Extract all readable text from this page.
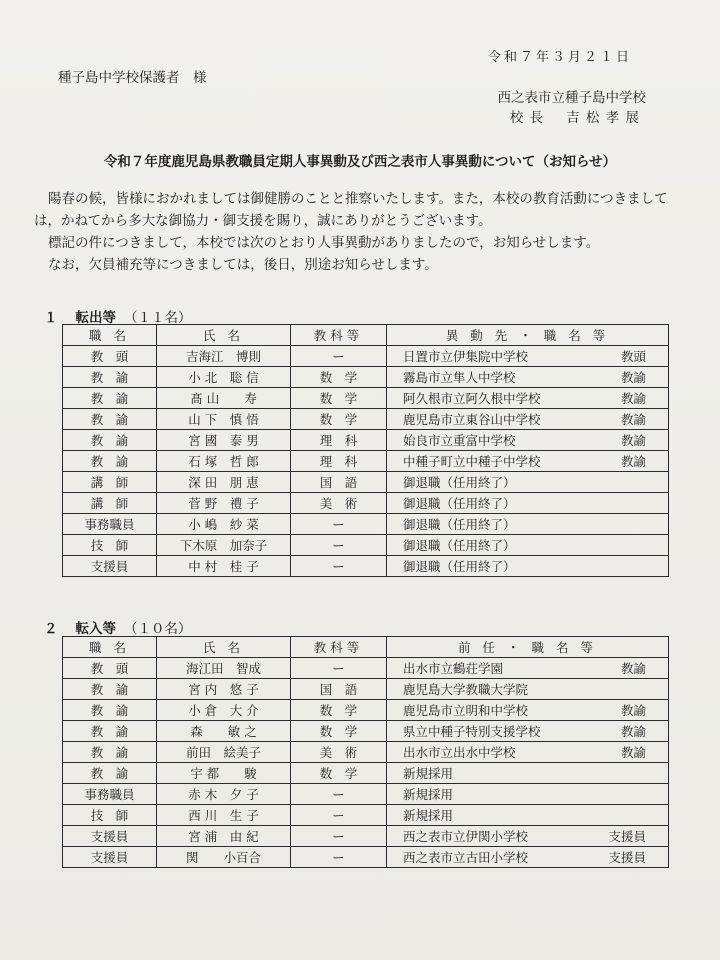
令和７年３月２１日
種子島中学校保護者　様
西之表市立種子島中学校
校 長 吉 松 孝 展
令和７年度鹿児島県教職員定期人事異動及び西之表市人事異動について（お知らせ）

陽春の候，皆様におかれましては御健勝のことと推察いたします。また，本校の教育活動につきましては，かねてから多大な御協力・御支援を賜り，誠にありがとうございます。

標記の件につきまして，本校では次のとおり人事異動がありましたので，お知らせします。

なお，欠員補充等につきましては，後日，別途お知らせします。

１ 転出等 （１１名）
職 名	氏 名	教科等	異 動 先 ・ 職 名 等
教　頭	吉海江　博則	ー	日置市立伊集院中学校 教頭

教　諭	小 北　聡 信	数　学	霧島市立隼人中学校 教諭

教　諭	髙 山　　寿	数　学	阿久根市立阿久根中学校 教諭

教　諭	山 下　慎 悟	数　学	鹿児島市立東谷山中学校 教諭

教　諭	宮 國　泰 男	理　科	始良市立重富中学校 教諭

教　諭	石 塚　哲 郎	理　科	中種子町立中種子中学校 教諭

講　師	深 田　朋 恵	国　語	御退職（任用終了）

講　師	菅 野　禮 子	美　術	御退職（任用終了）

事務職員	小 嶋　紗 菜	ー	御退職（任用終了）

技　師	下木原　加奈子	ー	御退職（任用終了）

支援員	中 村　桂 子	ー	御退職（任用終了）
２ 転入等 （１０名）
職 名	氏 名	教科等	前 任 ・ 職 名 等
教　頭	海江田　智成	ー	出水市立鶴荘学園 教諭

教　諭	宮 内　悠 子	国　語	鹿児島大学教職大学院

教　諭	小 倉　大 介	数　学	鹿児島市立明和中学校 教諭

教　諭	森　　敏 之	数　学	県立中種子特別支援学校 教諭

教　諭	前田　絵美子	美　術	出水市立出水中学校 教諭

教　諭	宇 都　　駿	数　学	新規採用

事務職員	赤 木　夕 子	ー	新規採用

技　師	西 川　生 子	ー	新規採用

支援員	宮 浦　由 紀	ー	西之表市立伊関小学校 支援員

支援員	関　　小百合	ー	西之表市立古田小学校 支援員
